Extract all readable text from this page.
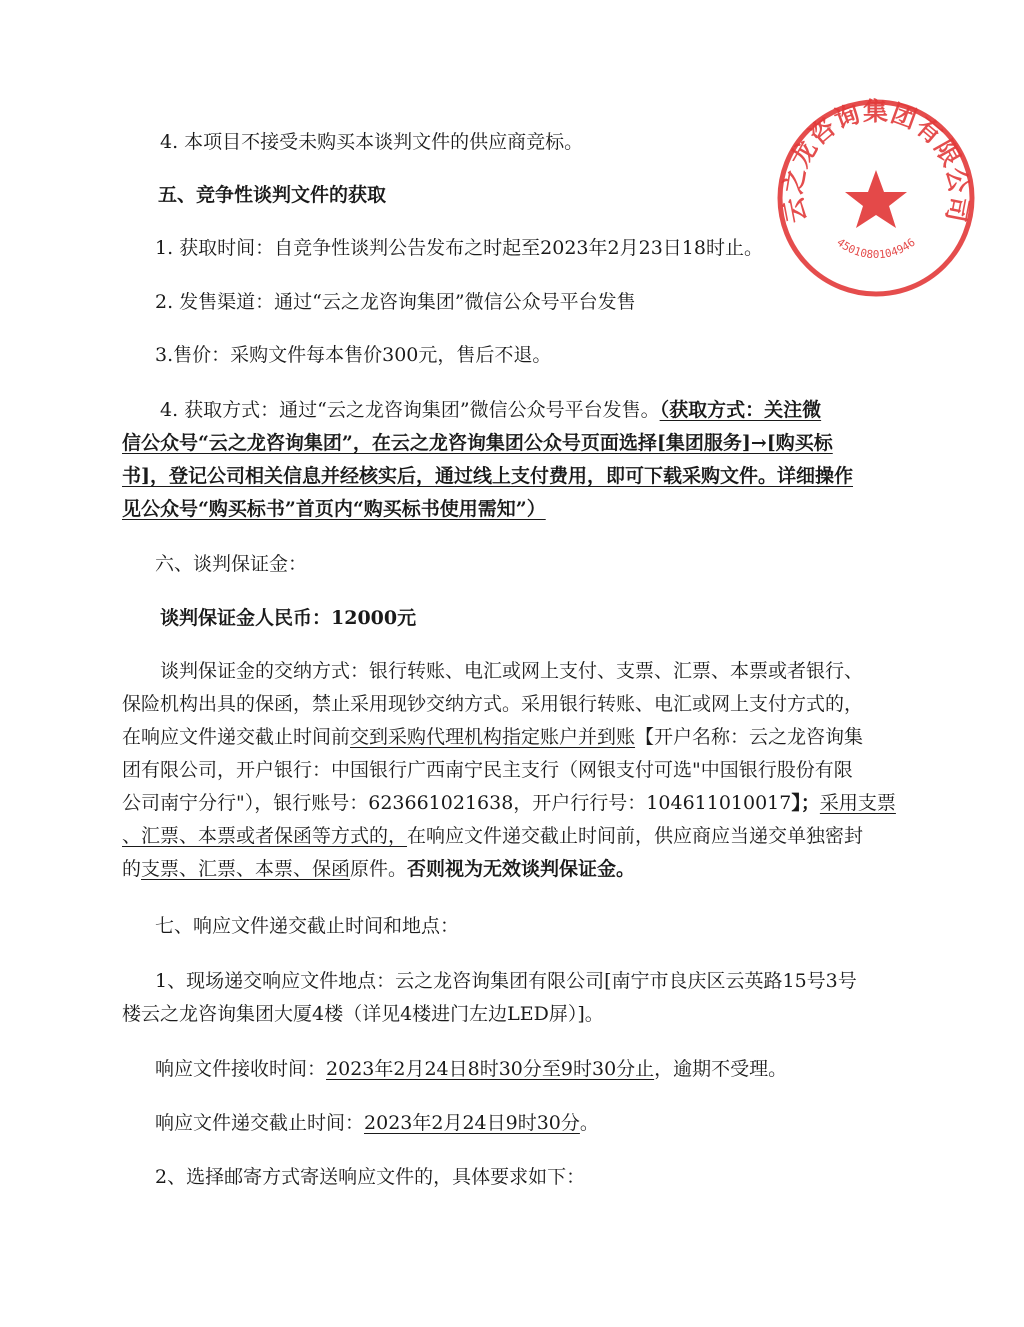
云之龙咨询集团有限公司
4501080104946
4. 本项目不接受未购买本谈判文件的供应商竞标。
五、竞争性谈判文件的获取
1. 获取时间：自竞争性谈判公告发布之时起至2023年2月23日18时止。
2. 发售渠道：通过“云之龙咨询集团”微信公众号平台发售
3.售价：采购文件每本售价300元，售后不退。
4. 获取方式：通过“云之龙咨询集团”微信公众号平台发售。（获取方式：关注微
信公众号“云之龙咨询集团”，在云之龙咨询集团公众号页面选择[集团服务]→[购买标
书]，登记公司相关信息并经核实后，通过线上支付费用，即可下载采购文件。详细操作
见公众号“购买标书”首页内“购买标书使用需知”）
六、谈判保证金：
谈判保证金人民币：12000元
谈判保证金的交纳方式：银行转账、电汇或网上支付、支票、汇票、本票或者银行、
保险机构出具的保函，禁止采用现钞交纳方式。采用银行转账、电汇或网上支付方式的，
在响应文件递交截止时间前交到采购代理机构指定账户并到账【开户名称：云之龙咨询集
团有限公司，开户银行：中国银行广西南宁民主支行（网银支付可选"中国银行股份有限
公司南宁分行"），银行账号：623661021638，开户行行号：104611010017】；采用支票
、汇票、本票或者保函等方式的，在响应文件递交截止时间前，供应商应当递交单独密封
的支票、汇票、本票、保函原件。否则视为无效谈判保证金。
七、响应文件递交截止时间和地点：
1、现场递交响应文件地点：云之龙咨询集团有限公司[南宁市良庆区云英路15号3号
楼云之龙咨询集团大厦4楼（详见4楼进门左边LED屏）]。
响应文件接收时间：2023年2月24日8时30分至9时30分止，逾期不受理。
响应文件递交截止时间：2023年2月24日9时30分。
2、选择邮寄方式寄送响应文件的，具体要求如下：
